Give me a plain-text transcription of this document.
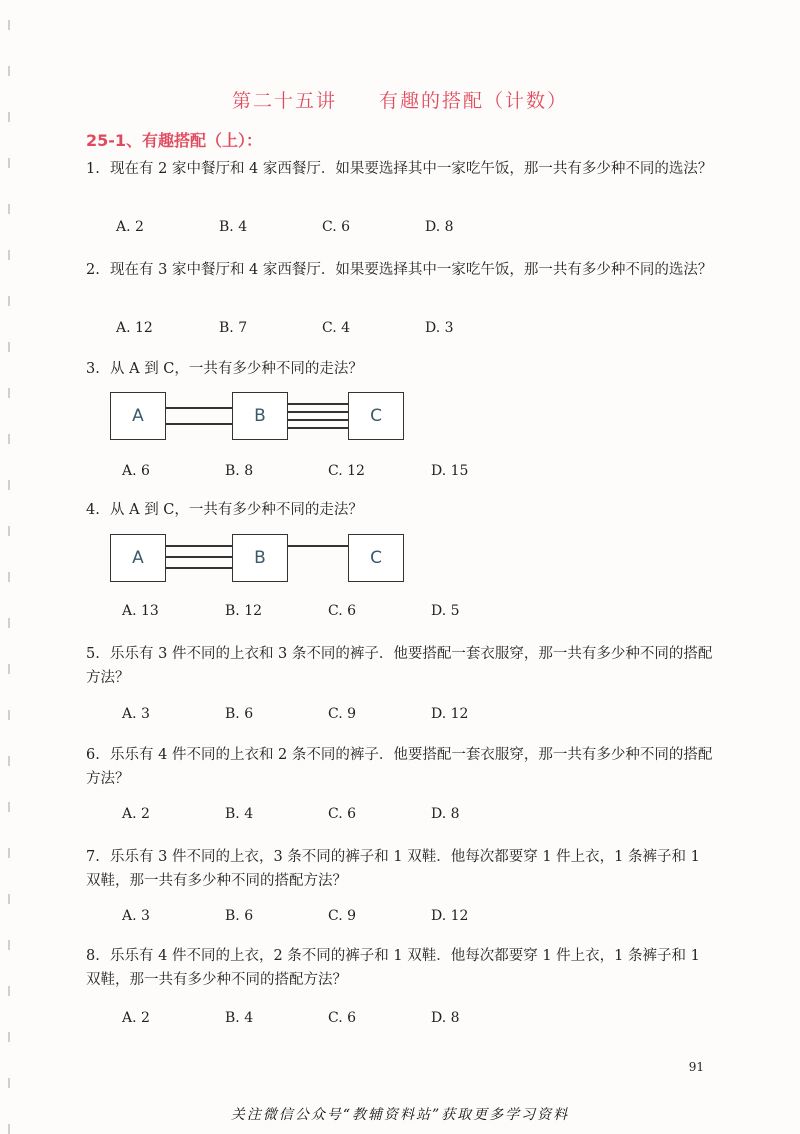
第二十五讲　　有趣的搭配（计数）
25-1、有趣搭配（上）：
1. 现在有 2 家中餐厅和 4 家西餐厅．如果要选择其中一家吃午饭，那一共有多少种不同的选法？
A. 2	B. 4	C. 6	D. 8
2. 现在有 3 家中餐厅和 4 家西餐厅．如果要选择其中一家吃午饭，那一共有多少种不同的选法？
A. 12	B. 7	C. 4	D. 3
3. 从 A 到 C，一共有多少种不同的走法？
A	B	C
A. 6	B. 8	C. 12	D. 15
4. 从 A 到 C，一共有多少种不同的走法？
A	B	C
A. 13	B. 12	C. 6	D. 5
5. 乐乐有 3 件不同的上衣和 3 条不同的裤子．他要搭配一套衣服穿，那一共有多少种不同的搭配方法？
A. 3	B. 6	C. 9	D. 12
6. 乐乐有 4 件不同的上衣和 2 条不同的裤子．他要搭配一套衣服穿，那一共有多少种不同的搭配方法？
A. 2	B. 4	C. 6	D. 8
7. 乐乐有 3 件不同的上衣，3 条不同的裤子和 1 双鞋．他每次都要穿 1 件上衣，1 条裤子和 1 双鞋，那一共有多少种不同的搭配方法？
A. 3	B. 6	C. 9	D. 12
8. 乐乐有 4 件不同的上衣，2 条不同的裤子和 1 双鞋．他每次都要穿 1 件上衣，1 条裤子和 1 双鞋，那一共有多少种不同的搭配方法？
A. 2	B. 4	C. 6	D. 8
91
关注微信公众号“教辅资料站”获取更多学习资料
